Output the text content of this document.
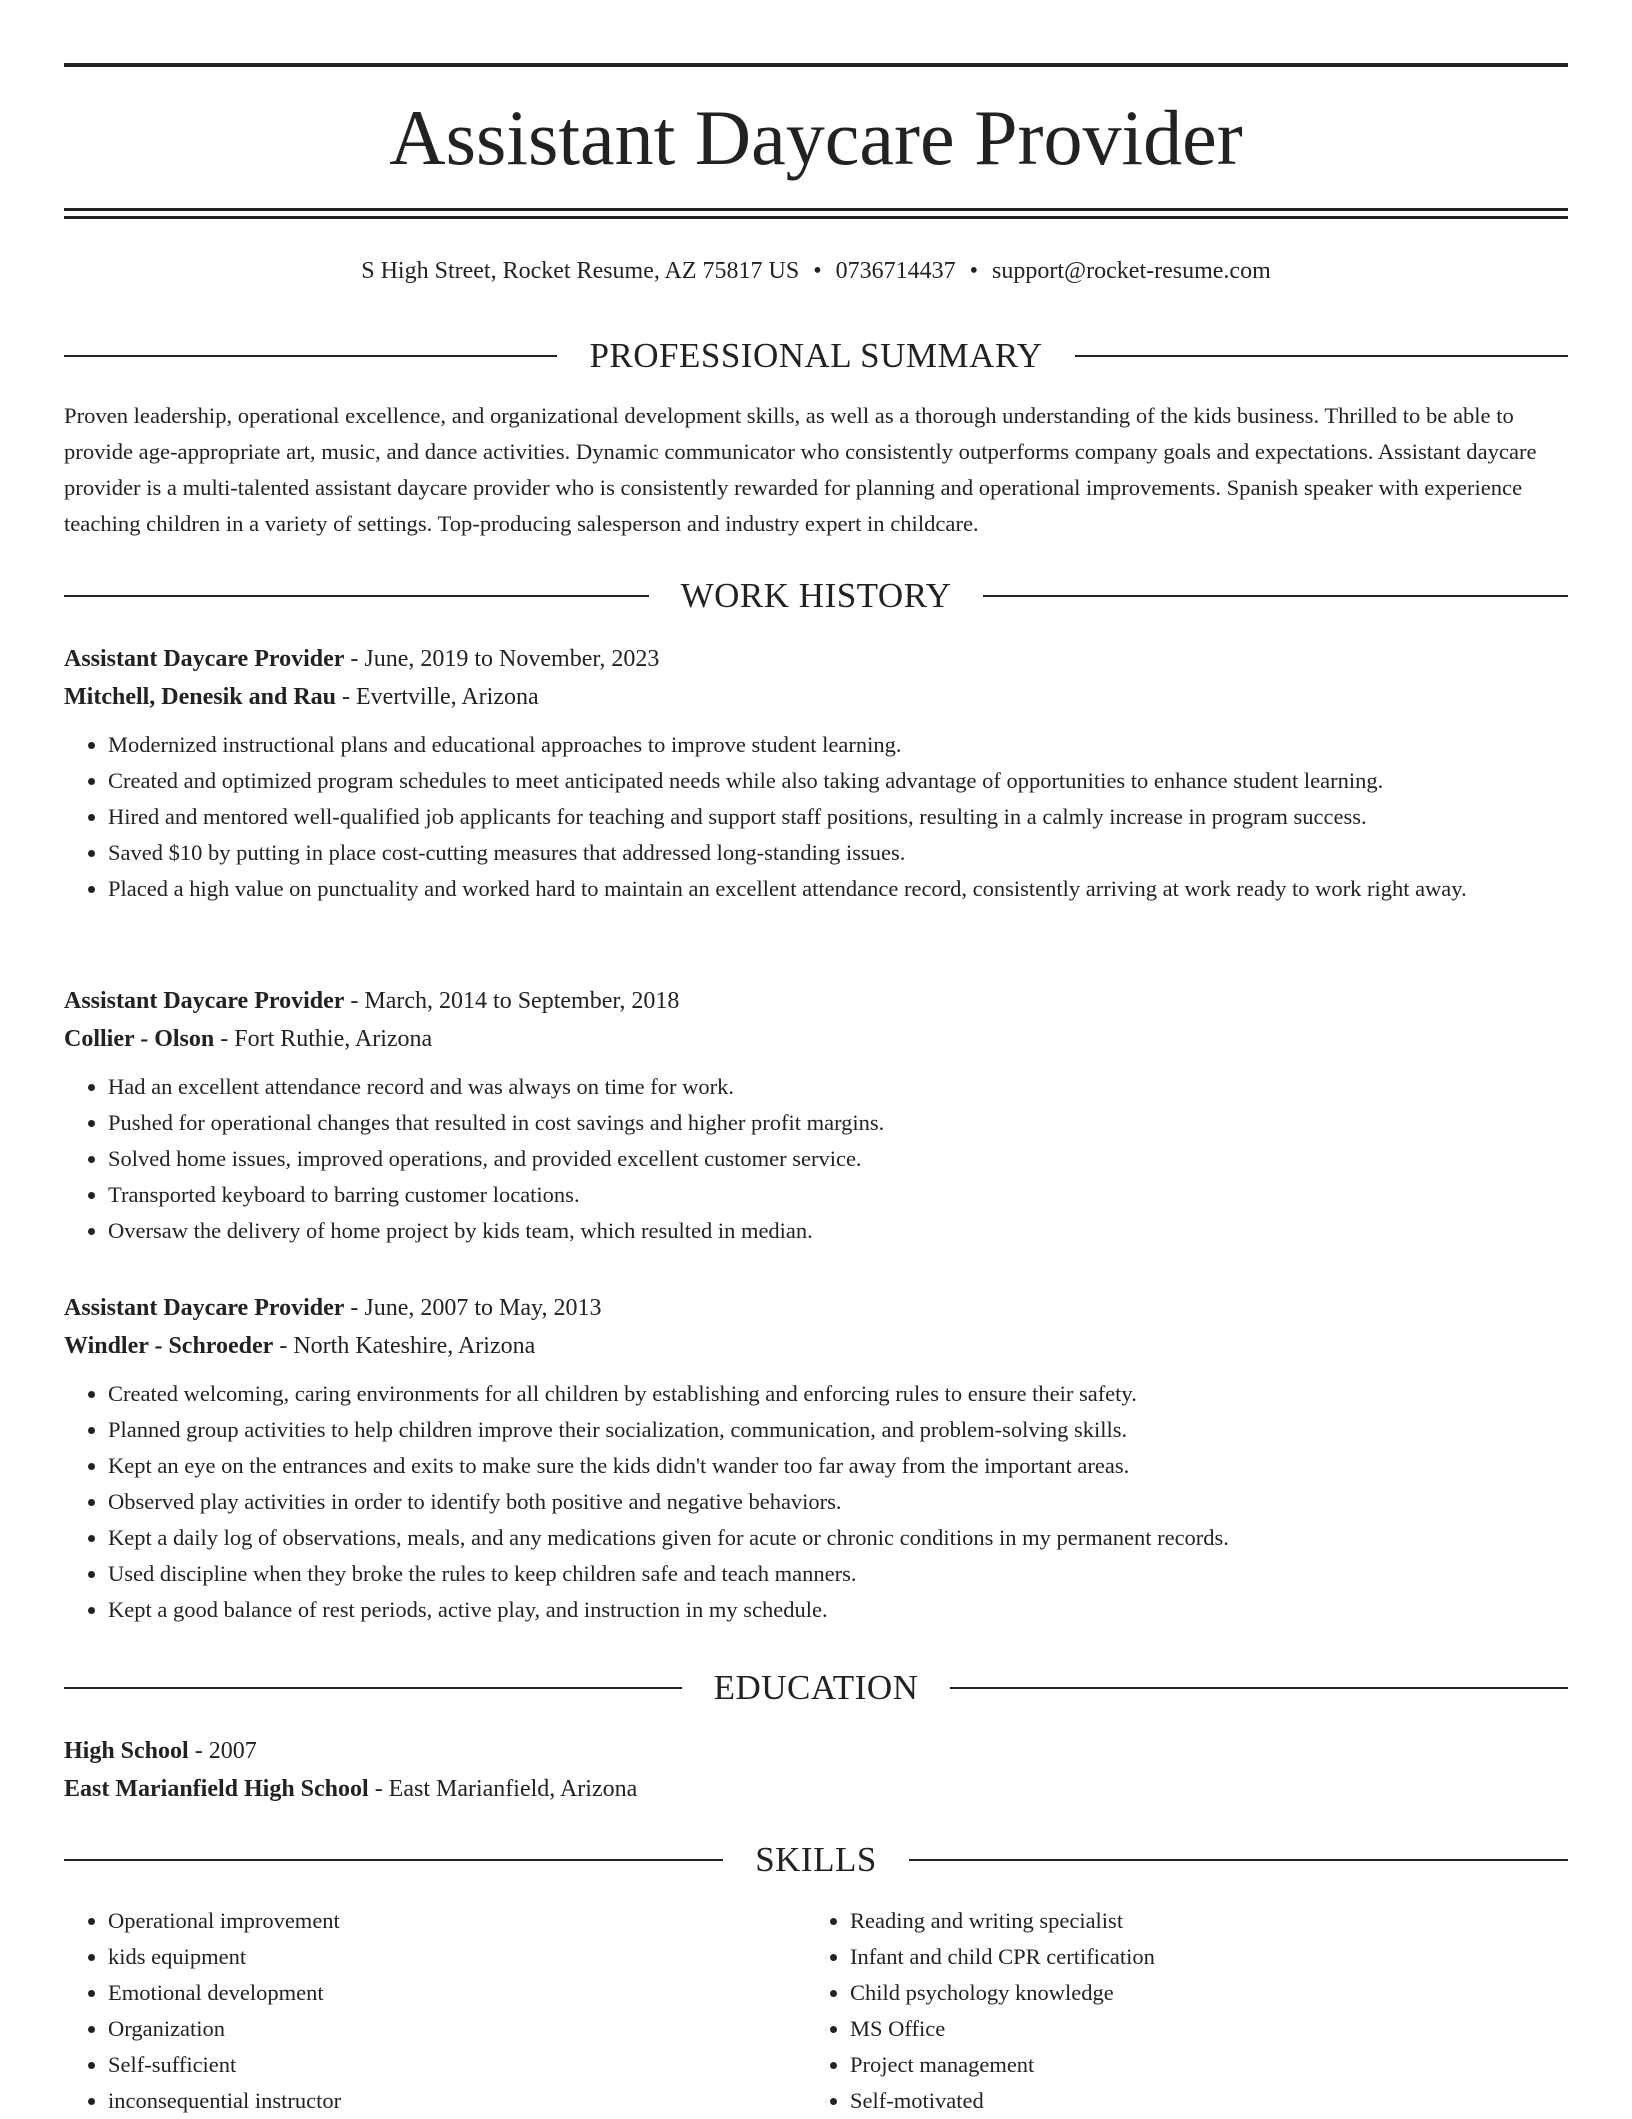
Assistant Daycare Provider
S High Street, Rocket Resume, AZ 75817 US • 0736714437 • support@rocket-resume.com
PROFESSIONAL SUMMARY

Proven leadership, operational excellence, and organizational development skills, as well as a thorough understanding of the kids business. Thrilled to be able to provide age-appropriate art, music, and dance activities. Dynamic communicator who consistently outperforms company goals and expectations. Assistant daycare provider is a multi-talented assistant daycare provider who is consistently rewarded for planning and operational improvements. Spanish speaker with experience teaching children in a variety of settings. Top-producing salesperson and industry expert in childcare.

WORK HISTORY

Assistant Daycare Provider - June, 2019 to November, 2023

Mitchell, Denesik and Rau - Evertville, Arizona

• Modernized instructional plans and educational approaches to improve student learning.
• Created and optimized program schedules to meet anticipated needs while also taking advantage of opportunities to enhance student learning.
• Hired and mentored well-qualified job applicants for teaching and support staff positions, resulting in a calmly increase in program success.
• Saved $10 by putting in place cost-cutting measures that addressed long-standing issues.
• Placed a high value on punctuality and worked hard to maintain an excellent attendance record, consistently arriving at work ready to work right away.

Assistant Daycare Provider - March, 2014 to September, 2018

Collier - Olson - Fort Ruthie, Arizona

• Had an excellent attendance record and was always on time for work.
• Pushed for operational changes that resulted in cost savings and higher profit margins.
• Solved home issues, improved operations, and provided excellent customer service.
• Transported keyboard to barring customer locations.
• Oversaw the delivery of home project by kids team, which resulted in median.

Assistant Daycare Provider - June, 2007 to May, 2013

Windler - Schroeder - North Kateshire, Arizona

• Created welcoming, caring environments for all children by establishing and enforcing rules to ensure their safety.
• Planned group activities to help children improve their socialization, communication, and problem-solving skills.
• Kept an eye on the entrances and exits to make sure the kids didn't wander too far away from the important areas.
• Observed play activities in order to identify both positive and negative behaviors.
• Kept a daily log of observations, meals, and any medications given for acute or chronic conditions in my permanent records.
• Used discipline when they broke the rules to keep children safe and teach manners.
• Kept a good balance of rest periods, active play, and instruction in my schedule.
EDUCATION

High School - 2007

East Marianfield High School - East Marianfield, Arizona

SKILLS
• Operational improvement
• kids equipment
• Emotional development
• Organization
• Self-sufficient
• inconsequential instructor
• Reading and writing specialist
• Infant and child CPR certification
• Child psychology knowledge
• MS Office
• Project management
• Self-motivated
